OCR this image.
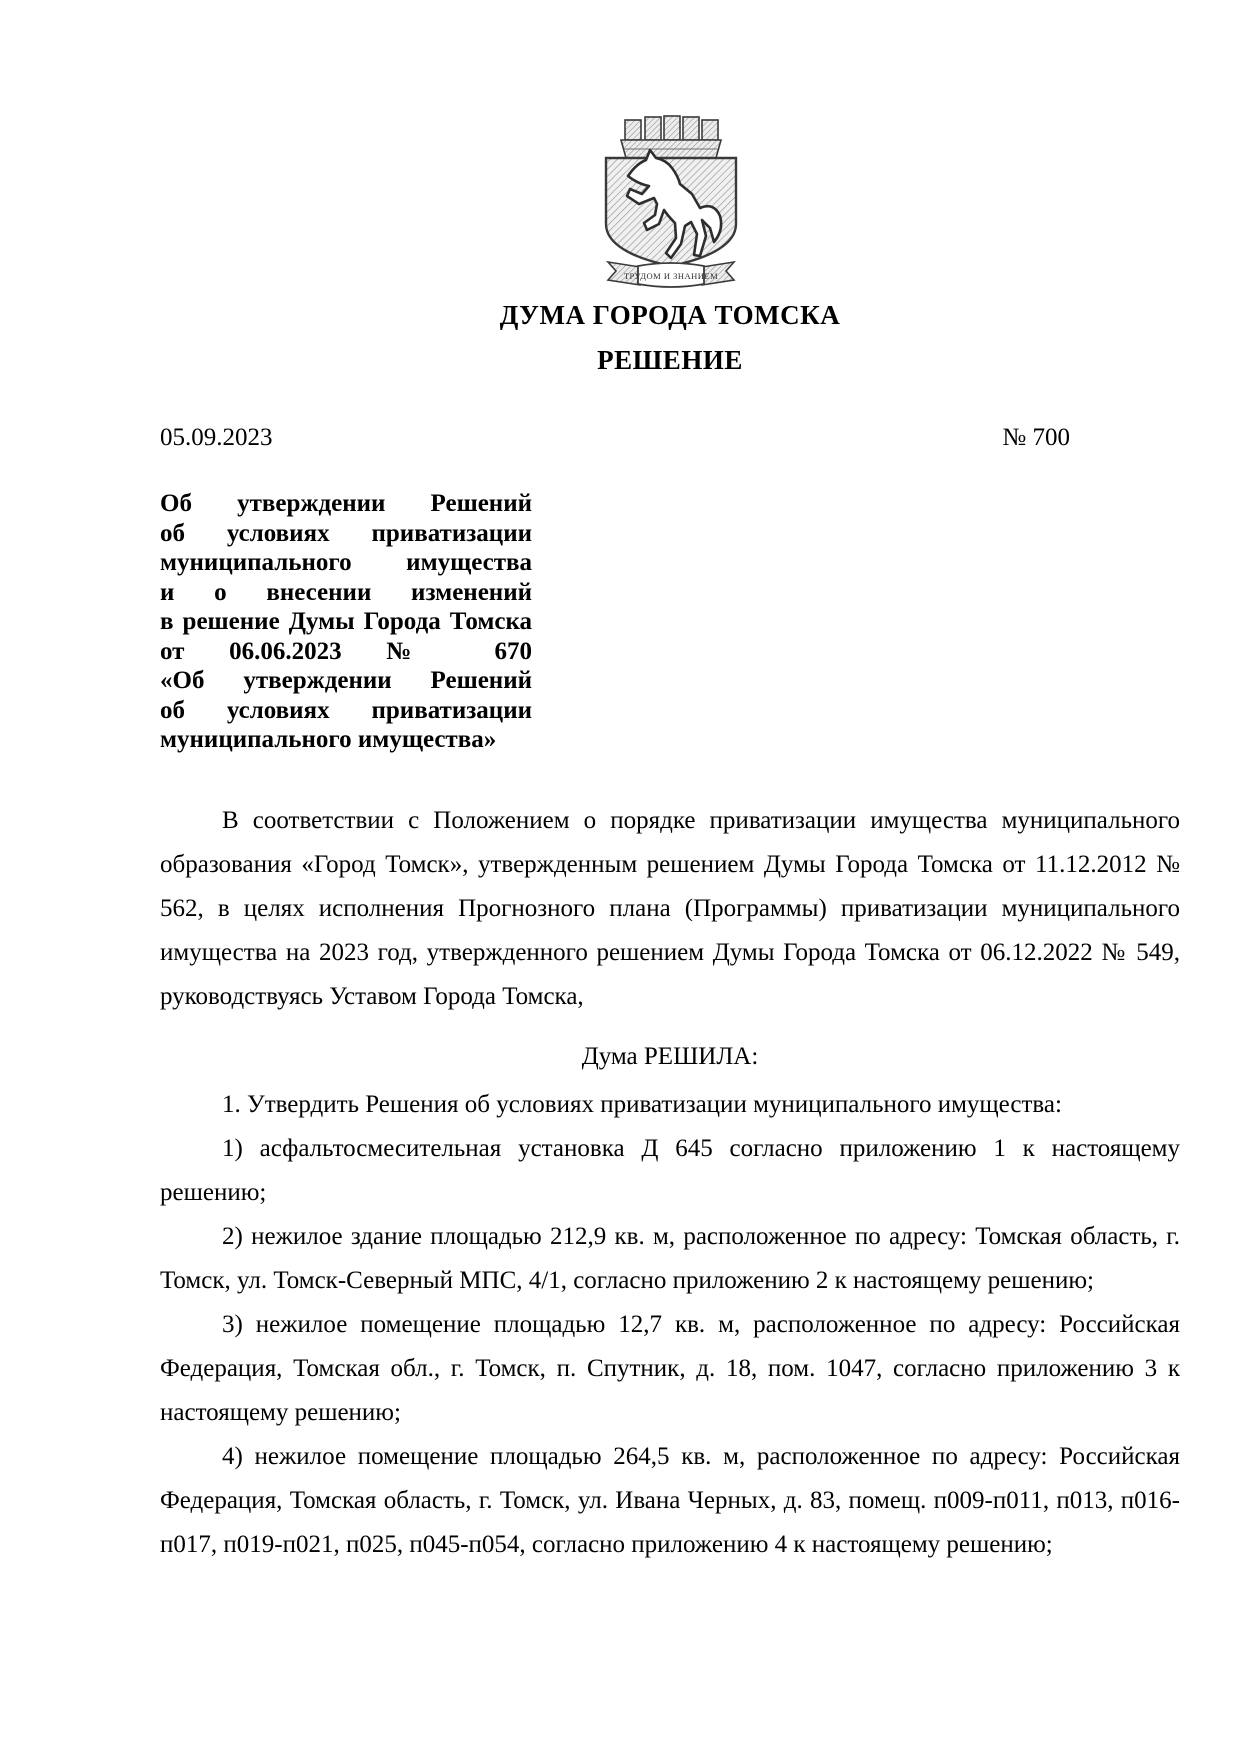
ТРУДОМ И ЗНАНИЕМ
ДУМА ГОРОДА ТОМСКА
РЕШЕНИЕ
05.09.2023	№ 700
Об утверждении Решений
об условиях приватизации
муниципального имущества
и о внесении изменений
в решение Думы Города Томска
от 06.06.2023 № 670
«Об утверждении Решений
об условиях приватизации
муниципального имущества»

В соответствии с Положением о порядке приватизации имущества муниципального образования «Город Томск», утвержденным решением Думы Города Томска от 11.12.2012 № 562, в целях исполнения Прогнозного плана (Программы) приватизации муниципального имущества на 2023 год, утвержденного решением Думы Города Томска от 06.12.2022 № 549, руководствуясь Уставом Города Томска,

Дума РЕШИЛА:

1. Утвердить Решения об условиях приватизации муниципального имущества:

1) асфальтосмесительная установка Д 645 согласно приложению 1 к настоящему решению;

2) нежилое здание площадью 212,9 кв. м, расположенное по адресу: Томская область, г. Томск, ул. Томск-Северный МПС, 4/1, согласно приложению 2 к настоящему решению;

3) нежилое помещение площадью 12,7 кв. м, расположенное по адресу: Российская Федерация, Томская обл., г. Томск, п. Спутник, д. 18, пом. 1047, согласно приложению 3 к настоящему решению;

4) нежилое помещение площадью 264,5 кв. м, расположенное по адресу: Российская Федерация, Томская область, г. Томск, ул. Ивана Черных, д. 83, помещ. п009-п011, п013, п016-п017, п019-п021, п025, п045-п054, согласно приложению 4 к настоящему решению;
